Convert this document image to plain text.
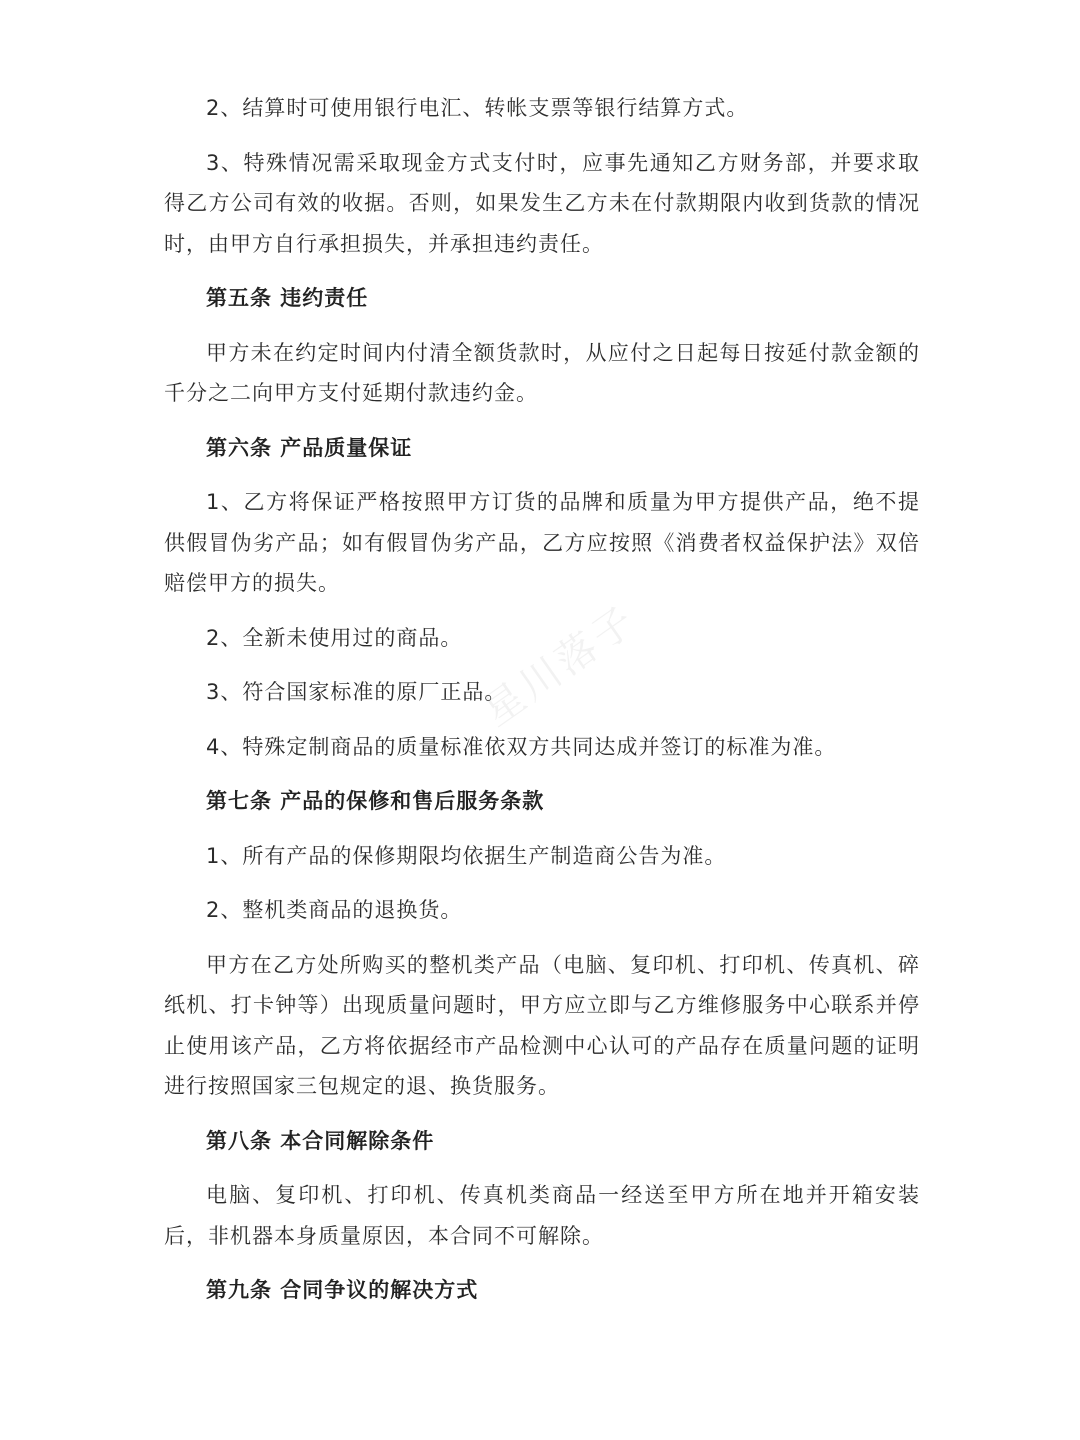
2、结算时可使用银行电汇、转帐支票等银行结算方式。

3、特殊情况需采取现金方式支付时，应事先通知乙方财务部，并要求取得乙方公司有效的收据。否则，如果发生乙方未在付款期限内收到货款的情况时，由甲方自行承担损失，并承担违约责任。

第五条 违约责任

甲方未在约定时间内付清全额货款时，从应付之日起每日按延付款金额的千分之二向甲方支付延期付款违约金。

第六条 产品质量保证

1、乙方将保证严格按照甲方订货的品牌和质量为甲方提供产品，绝不提供假冒伪劣产品；如有假冒伪劣产品，乙方应按照《消费者权益保护法》双倍赔偿甲方的损失。

2、全新未使用过的商品。

3、符合国家标准的原厂正品。

4、特殊定制商品的质量标准依双方共同达成并签订的标准为准。

第七条 产品的保修和售后服务条款

1、所有产品的保修期限均依据生产制造商公告为准。

2、整机类商品的退换货。

甲方在乙方处所购买的整机类产品（电脑、复印机、打印机、传真机、碎纸机、打卡钟等）出现质量问题时，甲方应立即与乙方维修服务中心联系并停止使用该产品，乙方将依据经市产品检测中心认可的产品存在质量问题的证明进行按照国家三包规定的退、换货服务。

第八条 本合同解除条件

电脑、复印机、打印机、传真机类商品一经送至甲方所在地并开箱安装后，非机器本身质量原因，本合同不可解除。

第九条 合同争议的解决方式

星川落子
